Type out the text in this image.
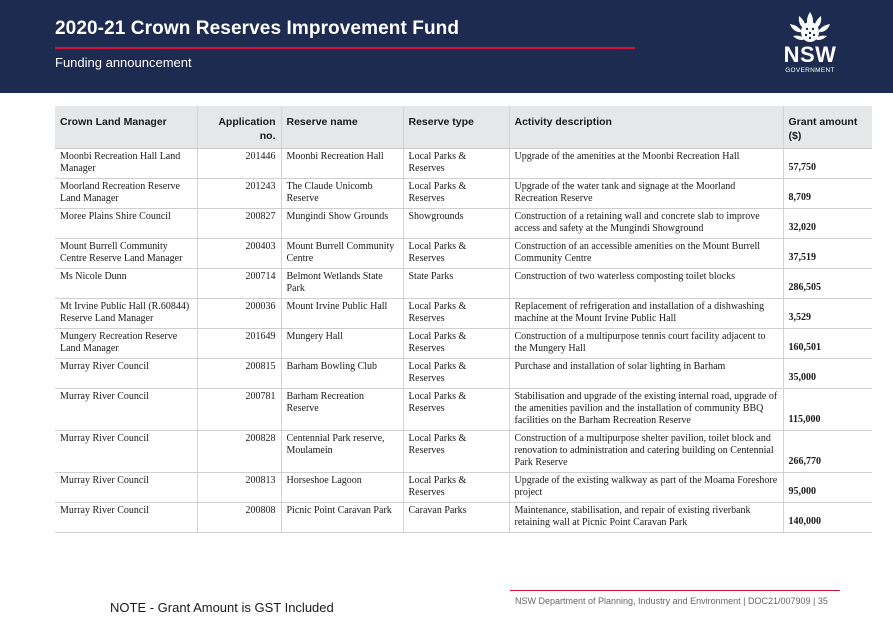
2020-21 Crown Reserves Improvement Fund
Funding announcement	NSW
GOVERNMENT
Crown Land Manager	Application no.	Reserve name	Reserve type	Activity description	Grant amount ($)
Moonbi Recreation Hall Land Manager	201446	Moonbi Recreation Hall	Local Parks & Reserves	Upgrade of the amenities at the Moonbi Recreation Hall	57,750
Moorland Recreation Reserve Land Manager	201243	The Claude Unicomb Reserve	Local Parks & Reserves	Upgrade of the water tank and signage at the Moorland Recreation Reserve	8,709
Moree Plains Shire Council	200827	Mungindi Show Grounds	Showgrounds	Construction of a retaining wall and concrete slab to improve access and safety at the Mungindi Showground	32,020
Mount Burrell Community Centre Reserve Land Manager	200403	Mount Burrell Community Centre	Local Parks & Reserves	Construction of an accessible amenities on the Mount Burrell Community Centre	37,519
Ms Nicole Dunn	200714	Belmont Wetlands State Park	State Parks	Construction of two waterless composting toilet blocks	286,505
Mt Irvine Public Hall (R.60844) Reserve Land Manager	200036	Mount Irvine Public Hall	Local Parks & Reserves	Replacement of refrigeration and installation of a dishwashing machine at the Mount Irvine Public Hall	3,529
Mungery Recreation Reserve Land Manager	201649	Mungery Hall	Local Parks & Reserves	Construction of a multipurpose tennis court facility adjacent to the Mungery Hall	160,501
Murray River Council	200815	Barham Bowling Club	Local Parks & Reserves	Purchase and installation of solar lighting in Barham	35,000
Murray River Council	200781	Barham Recreation Reserve	Local Parks & Reserves	Stabilisation and upgrade of the existing internal road, upgrade of the amenities pavilion and the installation of community BBQ facilities on the Barham Recreation Reserve	115,000
Murray River Council	200828	Centennial Park reserve, Moulamein	Local Parks & Reserves	Construction of a multipurpose shelter pavilion, toilet block and renovation to administration and catering building on Centennial Park Reserve	266,770
Murray River Council	200813	Horseshoe Lagoon	Local Parks & Reserves	Upgrade of the existing walkway as part of the Moama Foreshore project	95,000
Murray River Council	200808	Picnic Point Caravan Park	Caravan Parks	Maintenance, stabilisation, and repair of existing riverbank retaining wall at Picnic Point Caravan Park	140,000
NOTE - Grant Amount is GST Included	NSW Department of Planning, Industry and Environment | DOC21/007909 | 35
